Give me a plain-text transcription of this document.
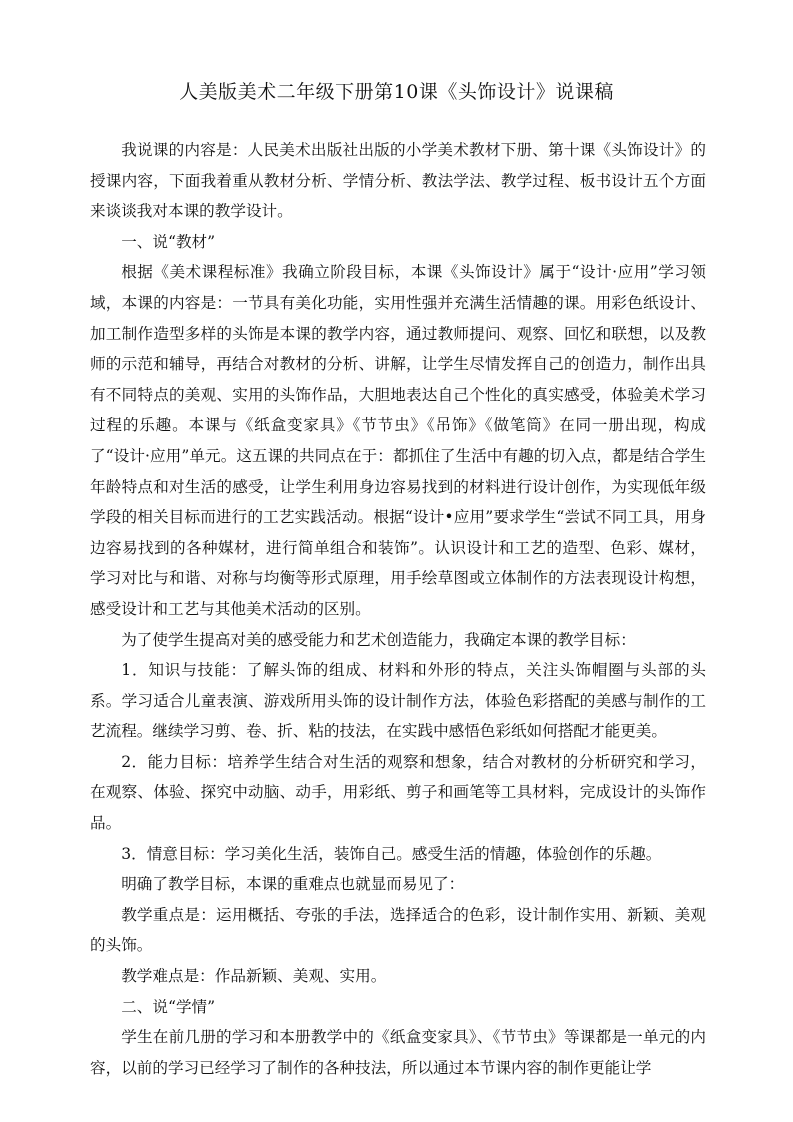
人美版美术二年级下册第10课《头饰设计》说课稿

我说课的内容是：人民美术出版社出版的小学美术教材下册、第十课《头饰设计》的授课内容，下面我着重从教材分析、学情分析、教法学法、教学过程、板书设计五个方面来谈谈我对本课的教学设计。

一、说“教材”

根据《美术课程标准》我确立阶段目标，本课《头饰设计》属于“设计·应用”学习领域，本课的内容是：一节具有美化功能，实用性强并充满生活情趣的课。用彩色纸设计、加工制作造型多样的头饰是本课的教学内容，通过教师提问、观察、回忆和联想，以及教师的示范和辅导，再结合对教材的分析、讲解，让学生尽情发挥自己的创造力，制作出具有不同特点的美观、实用的头饰作品，大胆地表达自己个性化的真实感受，体验美术学习过程的乐趣。本课与《纸盒变家具》《节节虫》《吊饰》《做笔筒》在同一册出现，构成了“设计·应用”单元。这五课的共同点在于：都抓住了生活中有趣的切入点，都是结合学生年龄特点和对生活的感受，让学生利用身边容易找到的材料进行设计创作，为实现低年级学段的相关目标而进行的工艺实践活动。根据“设计•应用”要求学生“尝试不同工具，用身边容易找到的各种媒材，进行简单组合和装饰”。认识设计和工艺的造型、色彩、媒材，学习对比与和谐、对称与均衡等形式原理，用手绘草图或立体制作的方法表现设计构想，感受设计和工艺与其他美术活动的区别。

为了使学生提高对美的感受能力和艺术创造能力，我确定本课的教学目标：

1．知识与技能：了解头饰的组成、材料和外形的特点，关注头饰帽圈与头部的头系。学习适合儿童表演、游戏所用头饰的设计制作方法，体验色彩搭配的美感与制作的工艺流程。继续学习剪、卷、折、粘的技法，在实践中感悟色彩纸如何搭配才能更美。

2．能力目标：培养学生结合对生活的观察和想象，结合对教材的分析研究和学习，在观察、体验、探究中动脑、动手，用彩纸、剪子和画笔等工具材料，完成设计的头饰作品。

3．情意目标：学习美化生活，装饰自己。感受生活的情趣，体验创作的乐趣。

明确了教学目标，本课的重难点也就显而易见了：

教学重点是：运用概括、夸张的手法，选择适合的色彩，设计制作实用、新颖、美观的头饰。

教学难点是：作品新颖、美观、实用。

二、说“学情”

学生在前几册的学习和本册教学中的《纸盒变家具》、《节节虫》等课都是一单元的内容，以前的学习已经学习了制作的各种技法，所以通过本节课内容的制作更能让学
